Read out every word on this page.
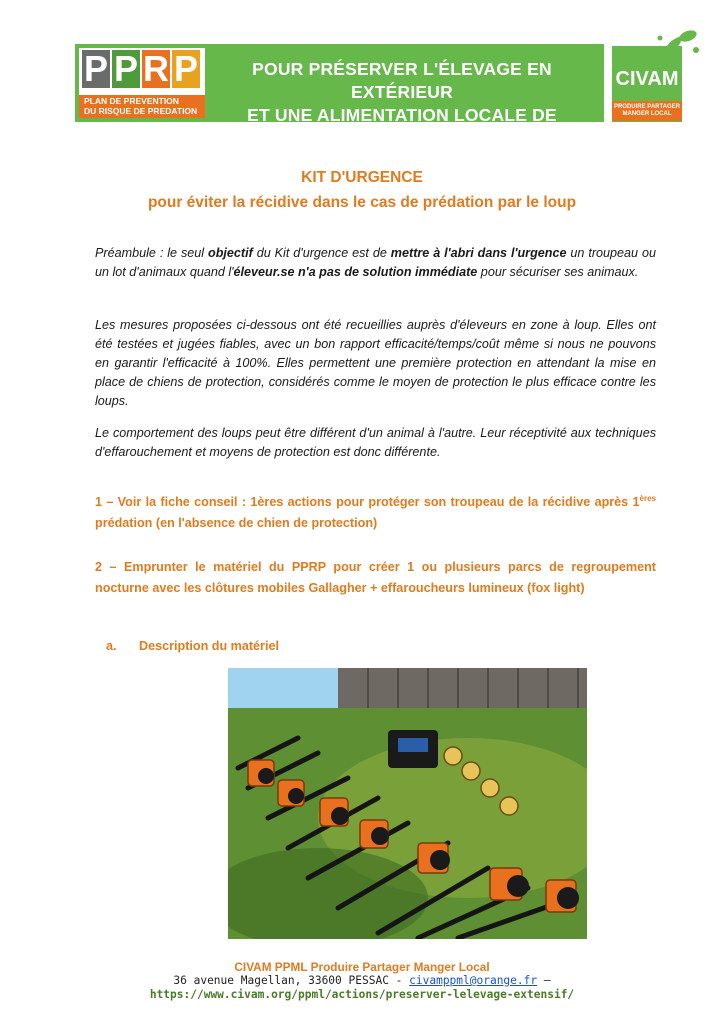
P P R P
PLAN DE PREVENTION
DU RISQUE DE PREDATION
POUR PRÉSERVER L'ÉLEVAGE EN EXTÉRIEUR
ET UNE ALIMENTATION LOCALE DE QUALITÉ
CIVAM
PRODUIRE PARTAGER
MANGER LOCAL
KIT D'URGENCE
pour éviter la récidive dans le cas de prédation par le loup
Préambule : le seul objectif du Kit d'urgence est de mettre à l'abri dans l'urgence un troupeau ou un lot d'animaux quand l'éleveur.se n'a pas de solution immédiate pour sécuriser ses animaux.
Les mesures proposées ci-dessous ont été recueillies auprès d'éleveurs en zone à loup. Elles ont été testées et jugées fiables, avec un bon rapport efficacité/temps/coût même si nous ne pouvons en garantir l'efficacité à 100%. Elles permettent une première protection en attendant la mise en place de chiens de protection, considérés comme le moyen de protection le plus efficace contre les loups.
Le comportement des loups peut être différent d'un animal à l'autre. Leur réceptivité aux techniques d'effarouchement et moyens de protection est donc différente.
1 – Voir la fiche conseil : 1ères actions pour protéger son troupeau de la récidive après 1ères prédation (en l'absence de chien de protection)
2 – Emprunter le matériel du PPRP pour créer 1 ou plusieurs parcs de regroupement nocturne avec les clôtures mobiles Gallagher + effaroucheurs lumineux (fox light)
a. Description du matériel
CIVAM PPML Produire Partager Manger Local
36 avenue Magellan, 33600 PESSAC - civamppml@orange.fr –
https://www.civam.org/ppml/actions/preserver-lelevage-extensif/
